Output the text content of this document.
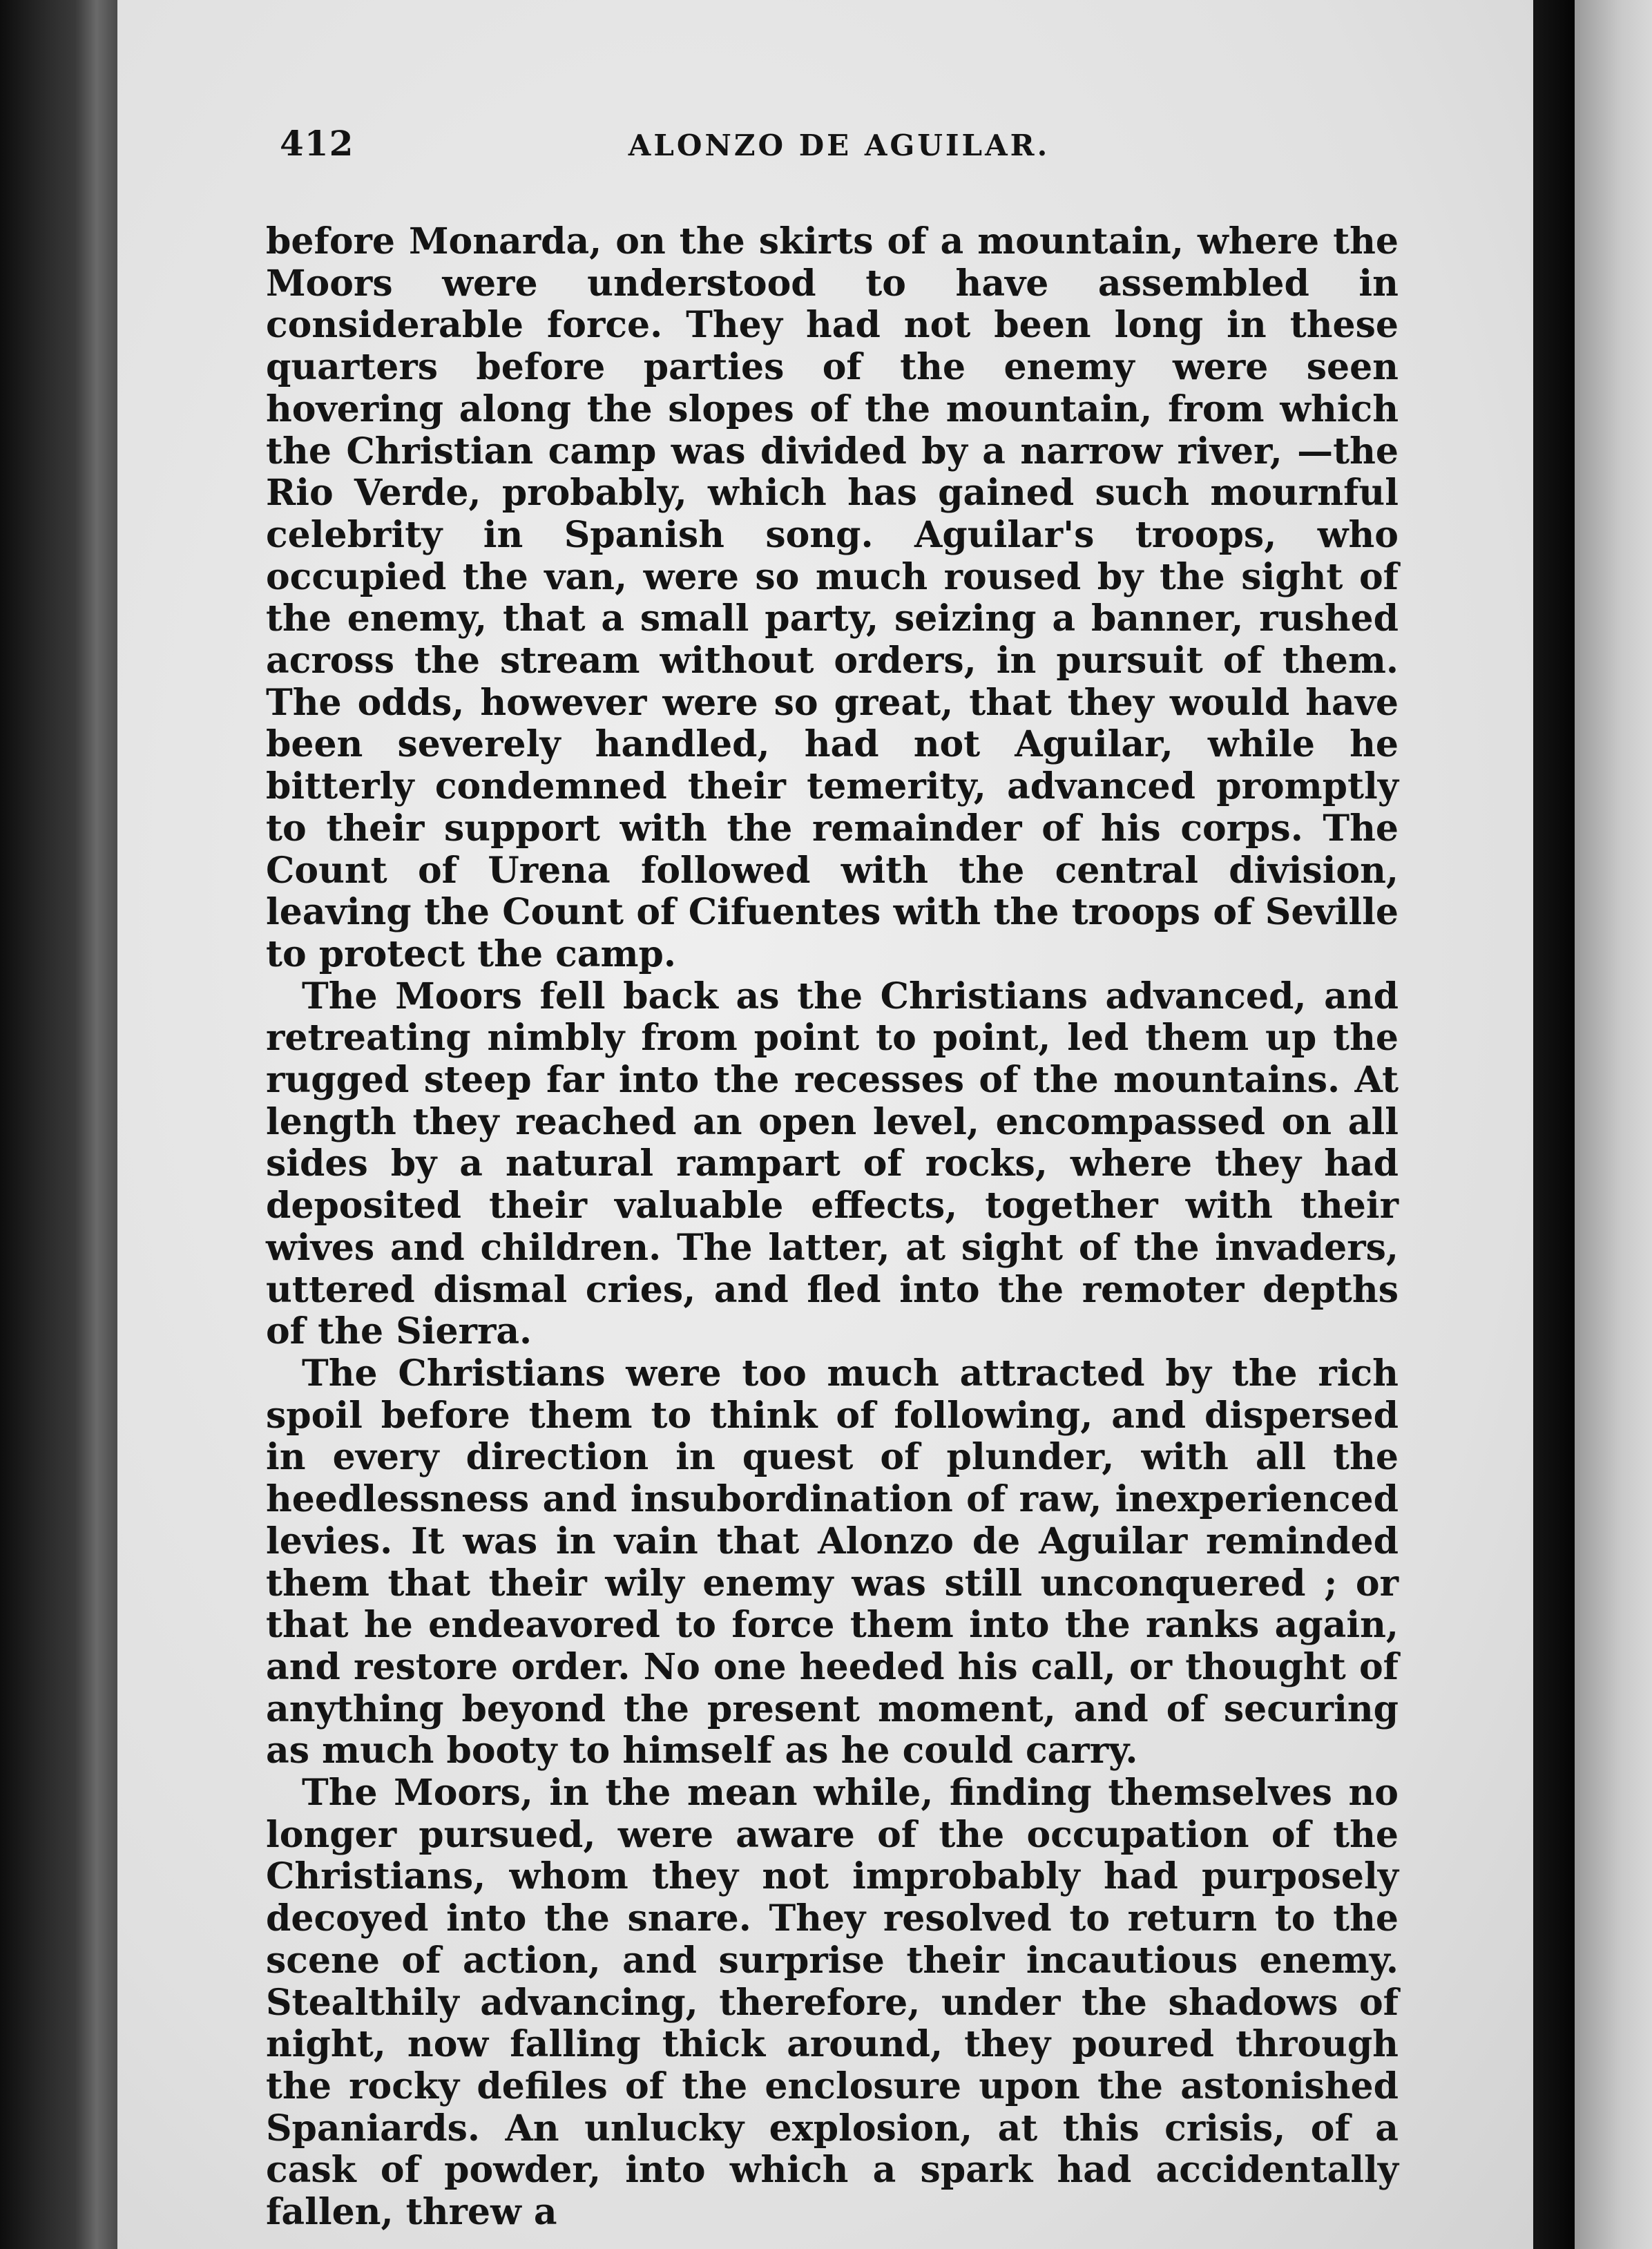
412	ALONZO DE AGUILAR.

before Monarda, on the skirts of a mountain, where the Moors were understood to have assembled in considerable force. They had not been long in these quarters before parties of the enemy were seen hovering along the slopes of the mountain, from which the Christian camp was divided by a narrow river, —the Rio Verde, probably, which has gained such mournful celebrity in Spanish song. Aguilar's troops, who occupied the van, were so much roused by the sight of the enemy, that a small party, seizing a banner, rushed across the stream without orders, in pursuit of them. The odds, however were so great, that they would have been severely handled, had not Aguilar, while he bitterly condemned their temerity, advanced promptly to their support with the remainder of his corps. The Count of Urena followed with the central division, leaving the Count of Cifuentes with the troops of Seville to protect the camp.

The Moors fell back as the Christians advanced, and retreating nimbly from point to point, led them up the rugged steep far into the recesses of the mountains. At length they reached an open level, encompassed on all sides by a natural rampart of rocks, where they had deposited their valuable effects, together with their wives and children. The latter, at sight of the invaders, uttered dismal cries, and fled into the remoter depths of the Sierra.

The Christians were too much attracted by the rich spoil before them to think of following, and dispersed in every direction in quest of plunder, with all the heedlessness and insubordination of raw, inexperienced levies. It was in vain that Alonzo de Aguilar reminded them that their wily enemy was still unconquered ; or that he endeavored to force them into the ranks again, and restore order. No one heeded his call, or thought of anything beyond the present moment, and of securing as much booty to himself as he could carry.

The Moors, in the mean while, finding themselves no longer pursued, were aware of the occupation of the Christians, whom they not improbably had purposely decoyed into the snare. They resolved to return to the scene of action, and surprise their incautious enemy. Stealthily advancing, therefore, under the shadows of night, now falling thick around, they poured through the rocky defiles of the enclosure upon the astonished Spaniards. An unlucky explosion, at this crisis, of a cask of powder, into which a spark had accidentally fallen, threw a
